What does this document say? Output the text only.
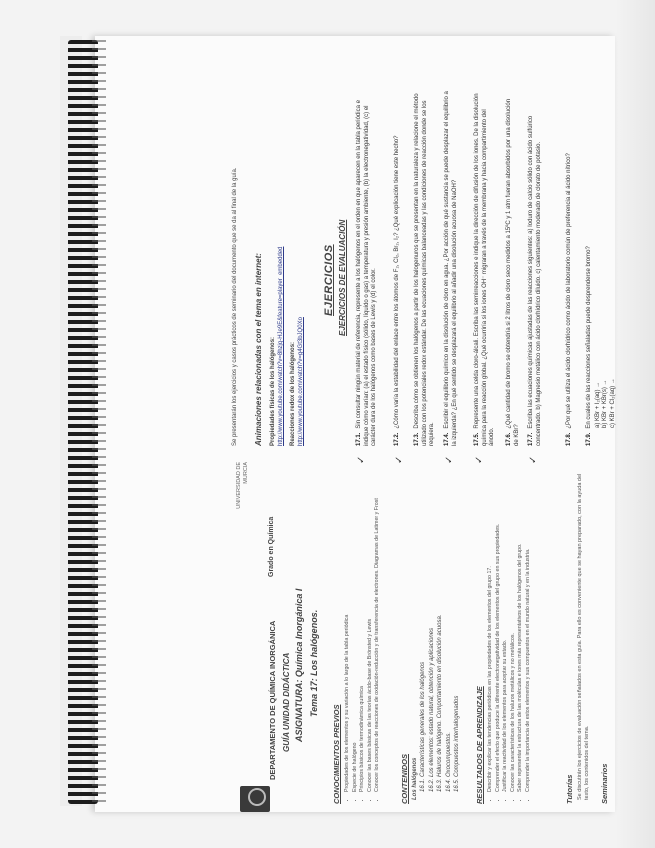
UNIVERSIDAD DE MURCIA
DEPARTAMENTO DE QUÍMICA INORGÁNICA
Grado en Química
GUÍA UNIDAD DIDÁCTICA ASIGNATURA: Química Inorgánica I Tema 17: Los halógenos.
CONOCIMIENTOS PREVIOS • Propiedades de los elementos y su variación a lo largo de la tabla periódica • Especie de halógeno • Principios básicos de termodinámica química • Conocer las bases básicas de las teorías ácido-base de Brönsted y Lewis • Conocer los conceptos de reacciones de oxidación-reducción y de transferencia de electrones. Diagramas de Latimer y Frost	CONTENIDOS Los halógenos 16.1. Características generales de los halógenos 16.2. Los elementos: estado natural, obtención y aplicaciones 16.3. Haluros de halógeno. Comportamiento en disolución acuosa. 16.4. Oxocompuestos. 16.5. Compuestos interhalogenados RESULTADOS DE APRENDIZAJE • Describir y explicar las tendencias periódicas en las propiedades de los elementos del grupo 17. • Comprender el efecto que produce la diferente electronegatividad de los elementos del grupo en sus propiedades. • Justificar la reactividad de los elementos para aceptar su estado. • Conocer las características de los haluros metálicos y no metálicos. • Saber representar la estructura de las moléculas e iones más representativos de los halógenos del grupo. • Comprender la importancia de estos elementos y sus compuestos en el mundo natural y en la industria.	Tutorías Se discutirán los ejercicios de evaluación señalados en esta guía. Para ello es conveniente que se hayan preparado, con la ayuda del texto, los contenidos del tema. Seminarios
Se presentarán los ejercicios y casos prácticos de seminario del documento que se da al final de la guía. Animaciones relacionadas con el tema en internet: Propiedades físicas de los halógenos: http://www.youtube.com/watch?v=8hzjq-HJe9E&feature=player_embedded Reacciones redox de los halógenos: http://www.youtube.com/watch?v=g4Gt3bJQ0Xo
EJERCICIOS EJERCICIOS DE EVALUACIÓN
✓
17.1.Sin consultar ningún material de referencia, represente a los halógenos en el orden en que aparecen en la tabla periódica e indique cómo varían: (a) el estado físico (sólido, líquido o gas) a temperatura y presión ambiente, (b) la electronegatividad, (c) el carácter dura de los halógenos como bases de Lewis y (d) el color.
✓
17.2.¿Cómo varía la estabilidad del enlace entre los átomos de F₂, Cl₂, Br₂, I₂? ¿Qué explicación tiene este hecho?
17.3.Describa cómo se obtienen los halógenos a partir de los halogenuros que se presentan en la naturaleza y relacione el método utilizado con los potenciales redox estándar. De las ecuaciones químicas balanceadas y las condiciones de reacción donde se los requiera.
✓
17.4.Escribir el equilibrio químico en la disolución de cloro en agua. ¿Por acción de qué sustancia se puede desplazar el equilibrio a la izquierda? ¿En qué sentido se desplazará el equilibrio al añadir una disolución acuosa de NaOH?
✓
17.5.Represente una celda cloro-álcali. Escriba las semirreacciones e indique la dirección de difusión de los iones. De la disolución química para la reacción global. ¿Qué ocurriría si los iones OH⁻ migraran a través de la membrana y hacia compartimiento del ánodo. 17.6.¿Qué cantidad de bromo se obtendría si 2 litros de cloro seco medidos a 15ºC y 1 atm fueran absorbidos por una disolución de KBr?
✓
17.7.Escriba las ecuaciones químicas ajustadas de las reacciones siguientes: a) Ioduro de calcio sólido con ácido sulfúrico concentrado. b) Magnesio metálico con ácido clorhídrico diluido. c) calentamiento moderado de clorato de potasio.	17.8.¿Por qué se utiliza el ácido clorhídrico como ácido de laboratorio común de preferencia al ácido nítrico?
17.9.En cuales de las reacciones señaladas puede desprenderse bromo? a) KBr + I₂(aq) → b) KBr + KBr(s) → c) KBr + Cl₂(aq) →
